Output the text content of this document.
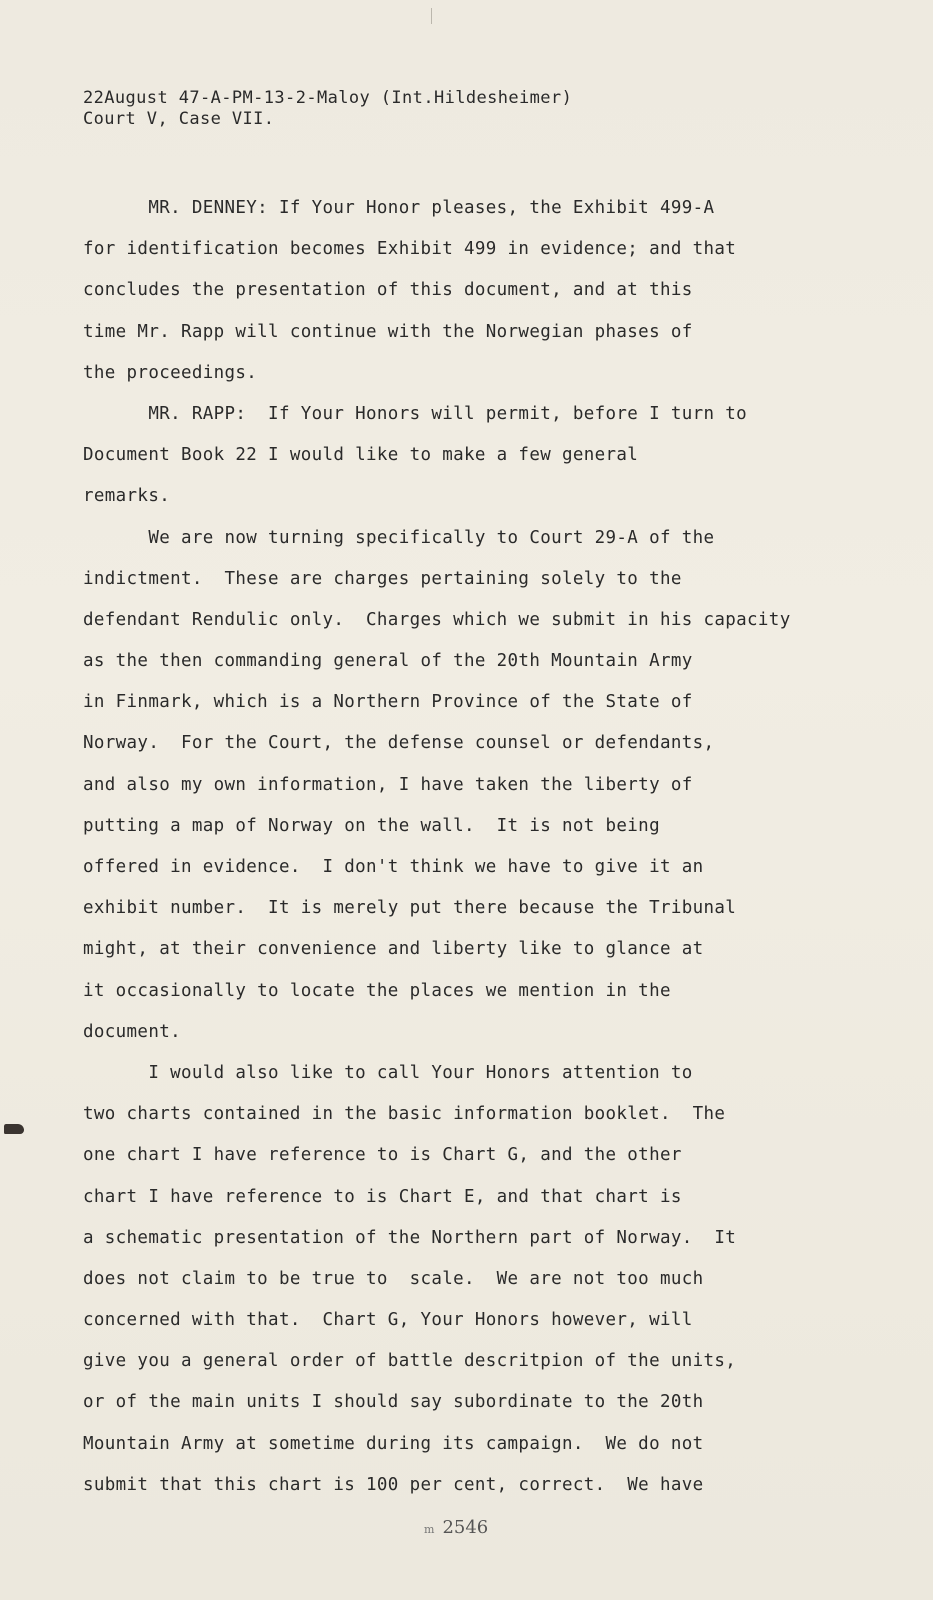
22August 47-A-PM-13-2-Maloy (Int.Hildesheimer)
Court V, Case VII.
MR. DENNEY: If Your Honor pleases, the Exhibit 499-A
for identification becomes Exhibit 499 in evidence; and that
concludes the presentation of this document, and at this
time Mr. Rapp will continue with the Norwegian phases of
the proceedings.
MR. RAPP:  If Your Honors will permit, before I turn to
Document Book 22 I would like to make a few general
remarks.
We are now turning specifically to Court 29-A of the
indictment.  These are charges pertaining solely to the
defendant Rendulic only.  Charges which we submit in his capacity
as the then commanding general of the 20th Mountain Army
in Finmark, which is a Northern Province of the State of
Norway.  For the Court, the defense counsel or defendants,
and also my own information, I have taken the liberty of
putting a map of Norway on the wall.  It is not being
offered in evidence.  I don't think we have to give it an
exhibit number.  It is merely put there because the Tribunal
might, at their convenience and liberty like to glance at
it occasionally to locate the places we mention in the
document.
I would also like to call Your Honors attention to
two charts contained in the basic information booklet.  The
one chart I have reference to is Chart G, and the other
chart I have reference to is Chart E, and that chart is
a schematic presentation of the Northern part of Norway.  It
does not claim to be true to  scale.  We are not too much
concerned with that.  Chart G, Your Honors however, will
give you a general order of battle descritpion of the units,
or of the main units I should say subordinate to the 20th
Mountain Army at sometime during its campaign.  We do not
submit that this chart is 100 per cent, correct.  We have
m 2546
